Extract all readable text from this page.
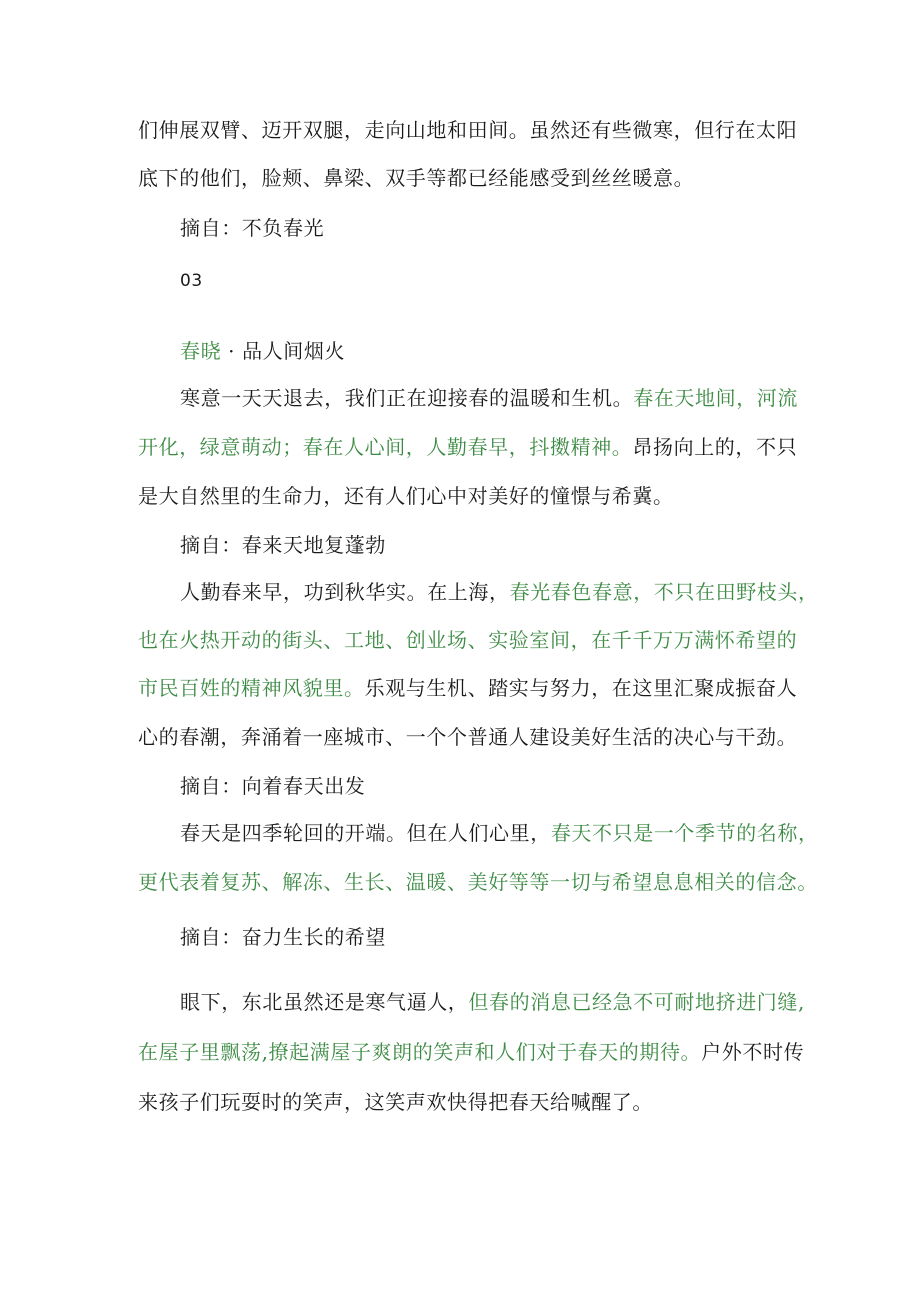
们伸展双臂、迈开双腿，走向山地和田间。虽然还有些微寒，但行在太阳
底下的他们，脸颊、鼻梁、双手等都已经能感受到丝丝暖意。
摘自：不负春光
03
春晓 · 品人间烟火
寒意一天天退去，我们正在迎接春的温暖和生机。春在天地间，河流
开化，绿意萌动；春在人心间，人勤春早，抖擞精神。昂扬向上的，不只
是大自然里的生命力，还有人们心中对美好的憧憬与希冀。
摘自：春来天地复蓬勃
人勤春来早，功到秋华实。在上海，春光春色春意，不只在田野枝头，
也在火热开动的街头、工地、创业场、实验室间，在千千万万满怀希望的
市民百姓的精神风貌里。乐观与生机、踏实与努力，在这里汇聚成振奋人
心的春潮，奔涌着一座城市、一个个普通人建设美好生活的决心与干劲。
摘自：向着春天出发
春天是四季轮回的开端。但在人们心里，春天不只是一个季节的名称，
更代表着复苏、解冻、生长、温暖、美好等等一切与希望息息相关的信念。
摘自：奋力生长的希望
眼下，东北虽然还是寒气逼人，但春的消息已经急不可耐地挤进门缝,
在屋子里飘荡,撩起满屋子爽朗的笑声和人们对于春天的期待。户外不时传
来孩子们玩耍时的笑声，这笑声欢快得把春天给喊醒了。
